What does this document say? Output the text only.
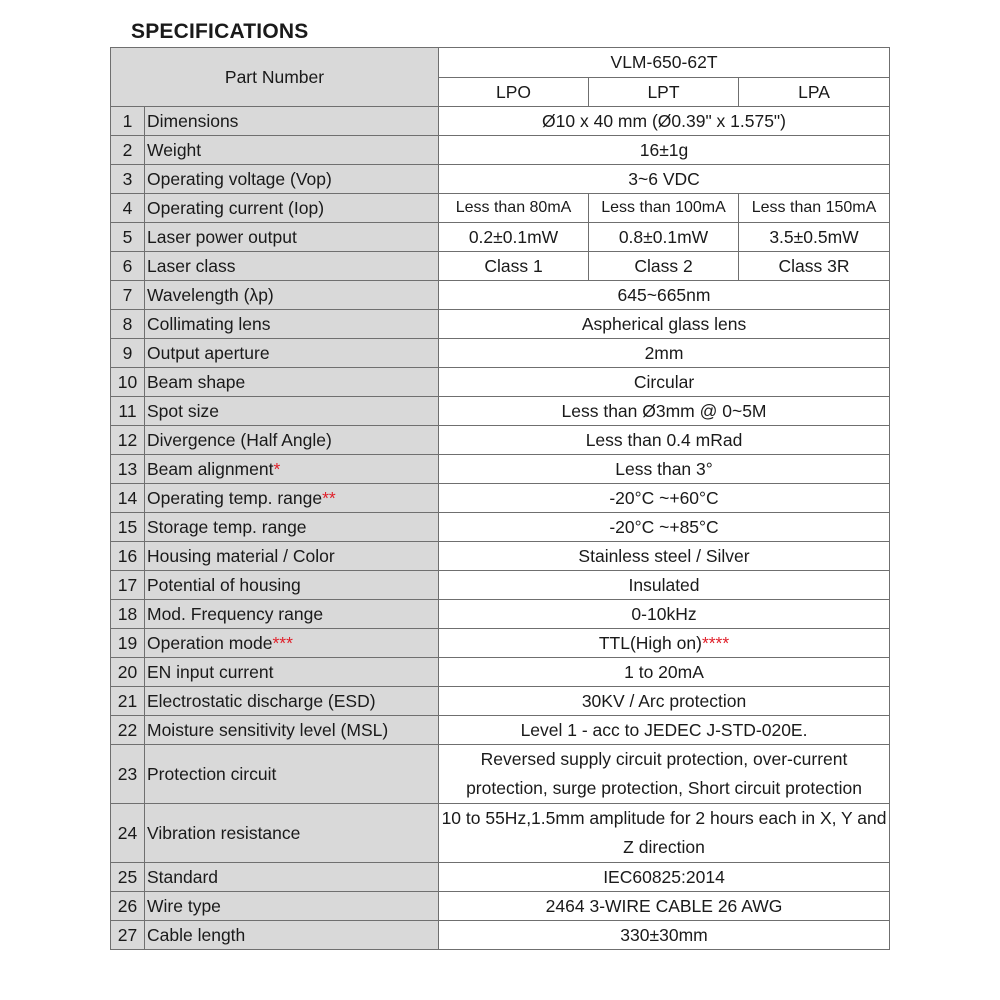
SPECIFICATIONS
Part Number		VLM-650-62T		
		LPO	LPT	LPA
1	Dimensions	Ø10 x 40 mm (Ø0.39" x 1.575")		
2	Weight	16±1g		
3	Operating voltage (Vop)	3~6 VDC		
4	Operating current (Iop)	Less than 80mA	Less than 100mA	Less than 150mA
5	Laser power output	0.2±0.1mW	0.8±0.1mW	3.5±0.5mW
6	Laser class	Class 1	Class 2	Class 3R
7	Wavelength (λp)	645~665nm		
8	Collimating lens	Aspherical glass lens		
9	Output aperture	2mm		
10	Beam shape	Circular		
11	Spot size	Less than Ø3mm @ 0~5M		
12	Divergence (Half Angle)	Less than 0.4 mRad		
13	Beam alignment*	Less than 3°		
14	Operating temp. range**	-20°C ~+60°C		
15	Storage temp. range	-20°C ~+85°C		
16	Housing material / Color	Stainless steel / Silver		
17	Potential of housing	Insulated		
18	Mod. Frequency range	0-10kHz		
19	Operation mode***	TTL(High on)****		
20	EN input current	1 to 20mA		
21	Electrostatic discharge (ESD)	30KV / Arc protection		
22	Moisture sensitivity level (MSL)	Level 1 - acc to JEDEC J-STD-020E.		
23	Protection circuit	Reversed supply circuit protection, over-current protection, surge protection, Short circuit protection		
24	Vibration resistance	10 to 55Hz,1.5mm amplitude for 2 hours each in X, Y and Z direction		
25	Standard	IEC60825:2014		
26	Wire type	2464 3-WIRE CABLE 26 AWG		
27	Cable length	330±30mm		
